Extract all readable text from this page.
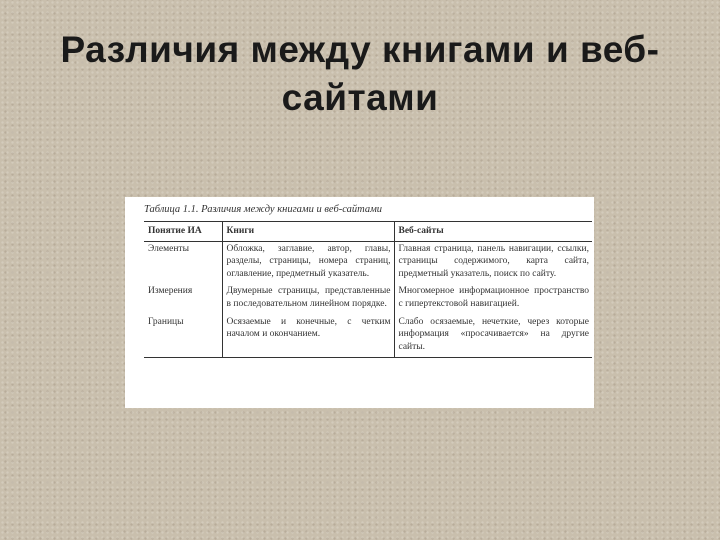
Различия между книгами и веб-
сайтами

Таблица 1.1. Различия между книгами и веб-сайтами

Понятие ИА	Книги	Веб-сайты
Элементы	Обложка, заглавие, автор, главы, разделы, страницы, номера страниц, оглавление, предметный указатель.	Главная страница, панель навигации, ссылки, страницы содержимого, карта сайта, предметный указатель, поиск по сайту.
Измерения	Двумерные страницы, представленные в последовательном линейном порядке.	Многомерное информационное пространство с гипертекстовой навигацией.
Границы	Осязаемые и конечные, с четким началом и окончанием.	Слабо осязаемые, нечеткие, через которые информация «просачивается» на другие сайты.
